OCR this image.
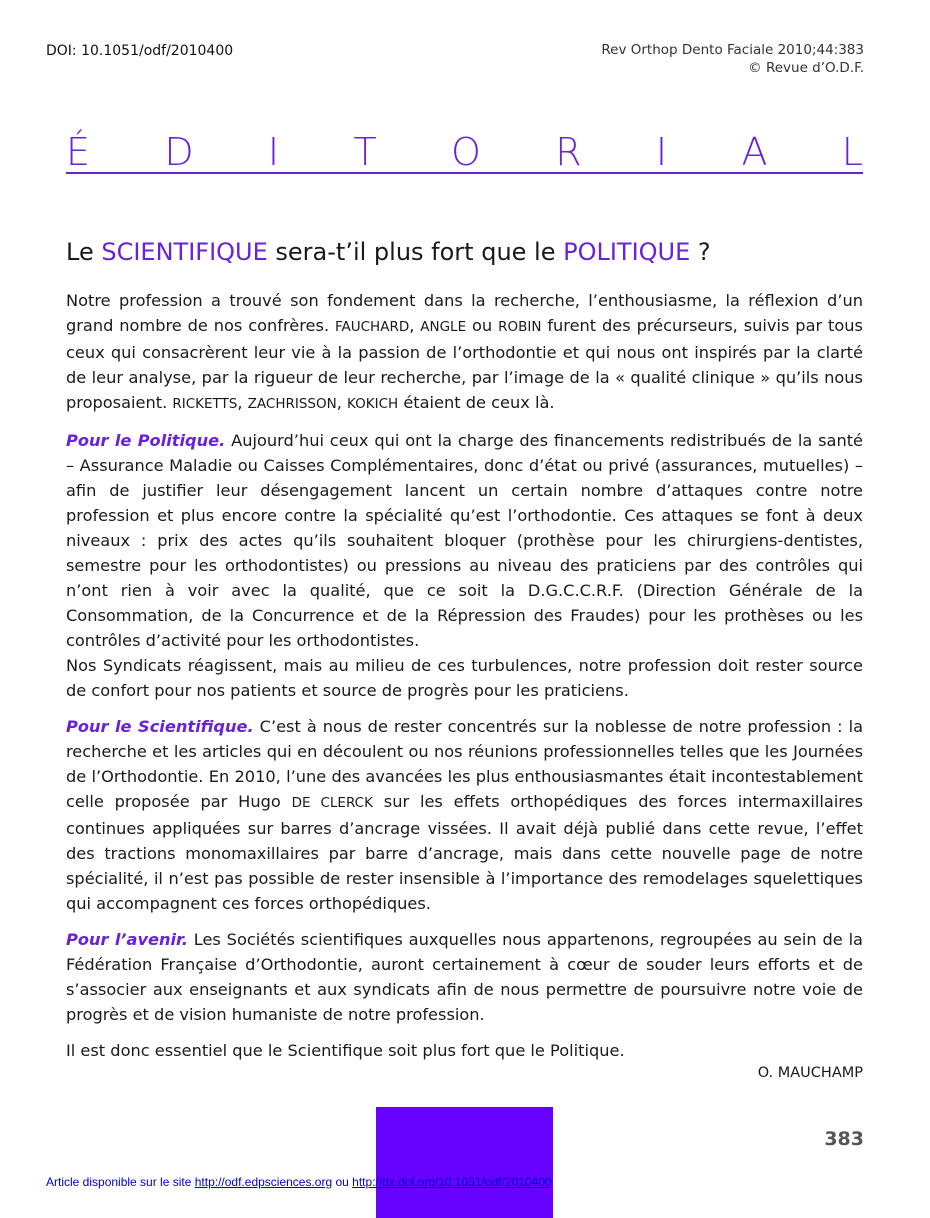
DOI: 10.1051/odf/2010400	Rev Orthop Dento Faciale 2010;44:383
© Revue d’O.D.F.
É D I T O R I A L
Le SCIENTIFIQUE sera-t’il plus fort que le POLITIQUE ?

Notre profession a trouvé son fondement dans la recherche, l’enthousiasme, la réflexion d’un grand nombre de nos confrères. FAUCHARD, ANGLE ou ROBIN furent des précurseurs, suivis par tous ceux qui consacrèrent leur vie à la passion de l’orthodontie et qui nous ont inspirés par la clarté de leur analyse, par la rigueur de leur recherche, par l’image de la « qualité clinique » qu’ils nous proposaient. RICKETTS, ZACHRISSON, KOKICH étaient de ceux là.

Pour le Politique. Aujourd’hui ceux qui ont la charge des financements redistribués de la santé – Assurance Maladie ou Caisses Complémentaires, donc d’état ou privé (assurances, mutuelles) – afin de justifier leur désengagement lancent un certain nombre d’attaques contre notre profession et plus encore contre la spécialité qu’est l’orthodontie. Ces attaques se font à deux niveaux : prix des actes qu’ils souhaitent bloquer (prothèse pour les chirurgiens-dentistes, semestre pour les orthodontistes) ou pressions au niveau des praticiens par des contrôles qui n’ont rien à voir avec la qualité, que ce soit la D.G.C.C.R.F. (Direction Générale de la Consommation, de la Concurrence et de la Répression des Fraudes) pour les prothèses ou les contrôles d’activité pour les orthodontistes.

Nos Syndicats réagissent, mais au milieu de ces turbulences, notre profession doit rester source de confort pour nos patients et source de progrès pour les praticiens.

Pour le Scientifique. C’est à nous de rester concentrés sur la noblesse de notre profession : la recherche et les articles qui en découlent ou nos réunions professionnelles telles que les Journées de l’Orthodontie. En 2010, l’une des avancées les plus enthousiasmantes était incontestablement celle proposée par Hugo DE CLERCK sur les effets orthopédiques des forces intermaxillaires continues appliquées sur barres d’ancrage vissées. Il avait déjà publié dans cette revue, l’effet des tractions monomaxillaires par barre d’ancrage, mais dans cette nouvelle page de notre spécialité, il n’est pas possible de rester insensible à l’importance des remodelages squelettiques qui accompagnent ces forces orthopédiques.

Pour l’avenir. Les Sociétés scientifiques auxquelles nous appartenons, regroupées au sein de la Fédération Française d’Orthodontie, auront certainement à cœur de souder leurs efforts et de s’associer aux enseignants et aux syndicats afin de nous permettre de poursuivre notre voie de progrès et de vision humaniste de notre profession.

Il est donc essentiel que le Scientifique soit plus fort que le Politique.

O. MAUCHAMP
383
Article disponible sur le site http://odf.edpsciences.org ou http://dx.doi.org/10.1051/odf/2010400
